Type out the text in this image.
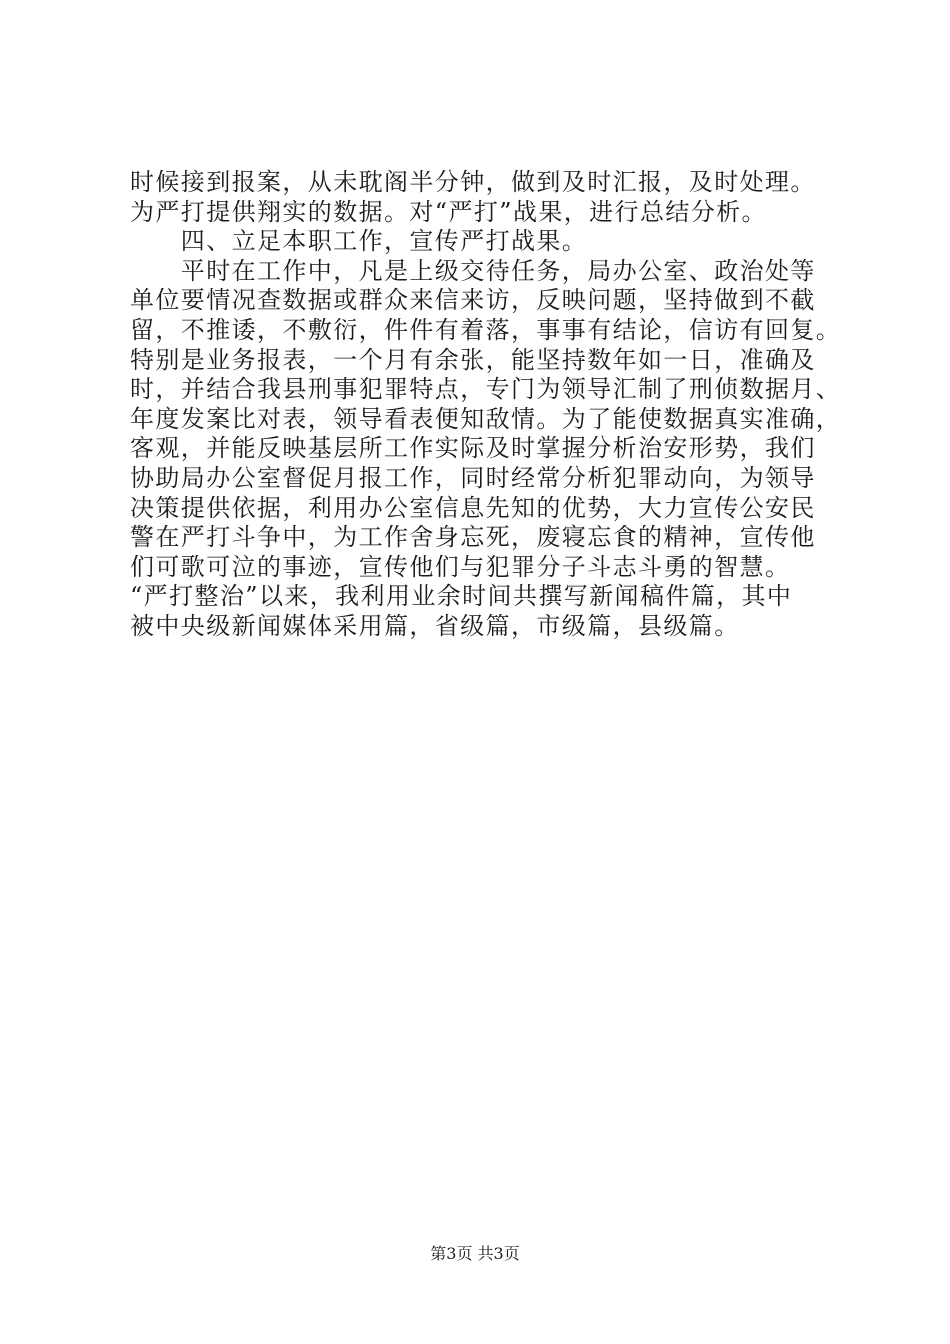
时候接到报案，从未耽阁半分钟，做到及时汇报，及时处理。
为严打提供翔实的数据。对“严打”战果，进行总结分析。
　　四、立足本职工作，宣传严打战果。
　　平时在工作中，凡是上级交待任务，局办公室、政治处等
单位要情况查数据或群众来信来访，反映问题，坚持做到不截
留，不推诿，不敷衍，件件有着落，事事有结论，信访有回复。
特别是业务报表，一个月有余张，能坚持数年如一日，准确及
时，并结合我县刑事犯罪特点，专门为领导汇制了刑侦数据月、
年度发案比对表，领导看表便知敌情。为了能使数据真实准确，
客观，并能反映基层所工作实际及时掌握分析治安形势，我们
协助局办公室督促月报工作，同时经常分析犯罪动向，为领导
决策提供依据，利用办公室信息先知的优势，大力宣传公安民
警在严打斗争中，为工作舍身忘死，废寝忘食的精神，宣传他
们可歌可泣的事迹，宣传他们与犯罪分子斗志斗勇的智慧。
“严打整治”以来，我利用业余时间共撰写新闻稿件篇，其中
被中央级新闻媒体采用篇，省级篇，市级篇，县级篇。
第3页 共3页
